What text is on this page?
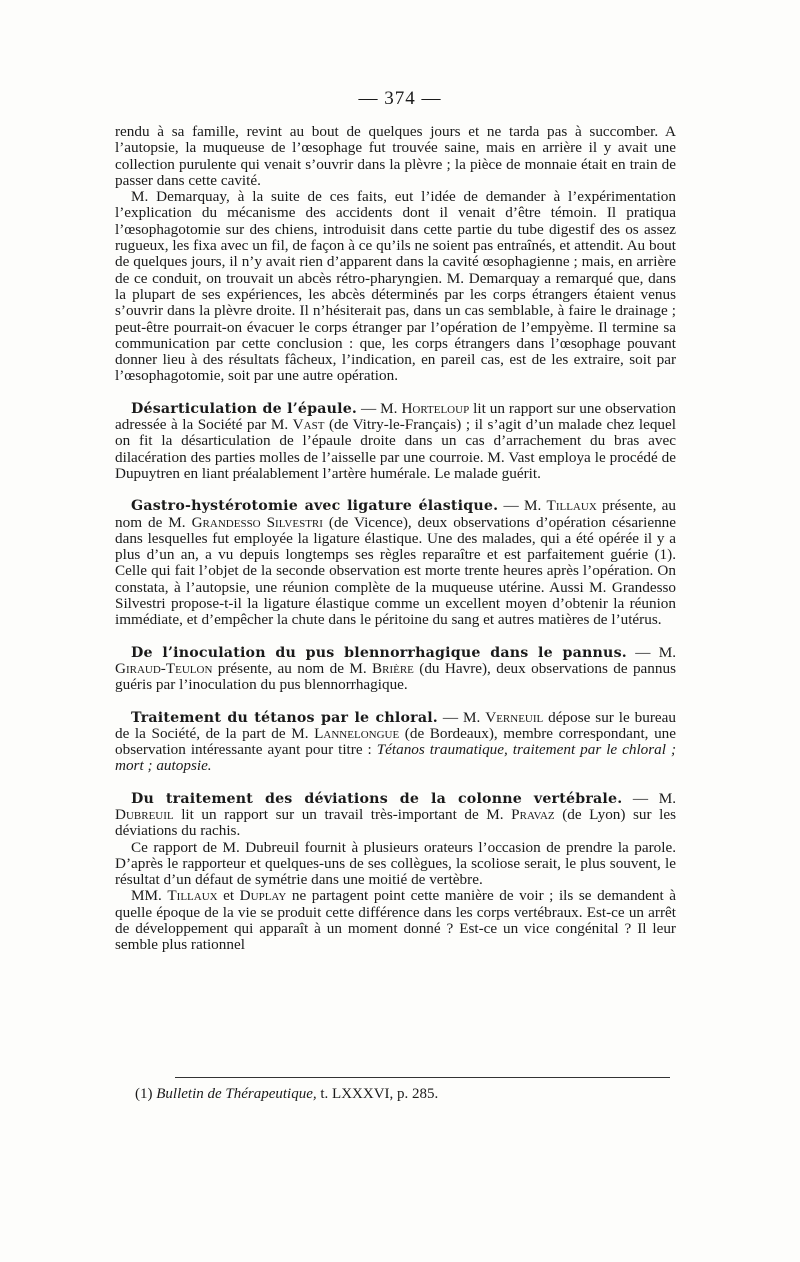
— 374 —

rendu à sa famille, revint au bout de quelques jours et ne tarda pas à succomber. A l’autopsie, la muqueuse de l’œsophage fut trouvée saine, mais en arrière il y avait une collection purulente qui venait s’ouvrir dans la plèvre ; la pièce de monnaie était en train de passer dans cette cavité.

M. Demarquay, à la suite de ces faits, eut l’idée de demander à l’expérimentation l’explication du mécanisme des accidents dont il venait d’être témoin. Il pratiqua l’œsophagotomie sur des chiens, introduisit dans cette partie du tube digestif des os assez rugueux, les fixa avec un fil, de façon à ce qu’ils ne soient pas entraînés, et attendit. Au bout de quelques jours, il n’y avait rien d’apparent dans la cavité œsophagienne ; mais, en arrière de ce conduit, on trouvait un abcès rétro-pharyngien. M. Demarquay a remarqué que, dans la plupart de ses expériences, les abcès déterminés par les corps étrangers étaient venus s’ouvrir dans la plèvre droite. Il n’hésiterait pas, dans un cas semblable, à faire le drainage ; peut-être pourrait-on évacuer le corps étranger par l’opération de l’empyème. Il termine sa communication par cette conclusion : que, les corps étrangers dans l’œsophage pouvant donner lieu à des résultats fâcheux, l’indication, en pareil cas, est de les extraire, soit par l’œsophagotomie, soit par une autre opération.

Désarticulation de l’épaule. — M. Horteloup lit un rapport sur une observation adressée à la Société par M. Vast (de Vitry-le-Français) ; il s’agit d’un malade chez lequel on fit la désarticulation de l’épaule droite dans un cas d’arrachement du bras avec dilacération des parties molles de l’aisselle par une courroie. M. Vast employa le procédé de Dupuytren en liant préalablement l’artère humérale. Le malade guérit.

Gastro-hystérotomie avec ligature élastique. — M. Tillaux présente, au nom de M. Grandesso Silvestri (de Vicence), deux observations d’opération césarienne dans lesquelles fut employée la ligature élastique. Une des malades, qui a été opérée il y a plus d’un an, a vu depuis longtemps ses règles reparaître et est parfaitement guérie (1). Celle qui fait l’objet de la seconde observation est morte trente heures après l’opération. On constata, à l’autopsie, une réunion complète de la muqueuse utérine. Aussi M. Grandesso Silvestri propose-t-il la ligature élastique comme un excellent moyen d’obtenir la réunion immédiate, et d’empêcher la chute dans le péritoine du sang et autres matières de l’utérus.

De l’inoculation du pus blennorrhagique dans le pannus. — M. Giraud-Teulon présente, au nom de M. Brière (du Havre), deux observations de pannus guéris par l’inoculation du pus blennorrhagique.

Traitement du tétanos par le chloral. — M. Verneuil dépose sur le bureau de la Société, de la part de M. Lannelongue (de Bordeaux), membre correspondant, une observation intéressante ayant pour titre : Tétanos traumatique, traitement par le chloral ; mort ; autopsie.

Du traitement des déviations de la colonne vertébrale. — M. Dubreuil lit un rapport sur un travail très-important de M. Pravaz (de Lyon) sur les déviations du rachis.

Ce rapport de M. Dubreuil fournit à plusieurs orateurs l’occasion de prendre la parole. D’après le rapporteur et quelques-uns de ses collègues, la scoliose serait, le plus souvent, le résultat d’un défaut de symétrie dans une moitié de vertèbre.

MM. Tillaux et Duplay ne partagent point cette manière de voir ; ils se demandent à quelle époque de la vie se produit cette différence dans les corps vertébraux. Est-ce un arrêt de développement qui apparaît à un moment donné ? Est-ce un vice congénital ? Il leur semble plus rationnel

(1) Bulletin de Thérapeutique, t. LXXXVI, p. 285.
